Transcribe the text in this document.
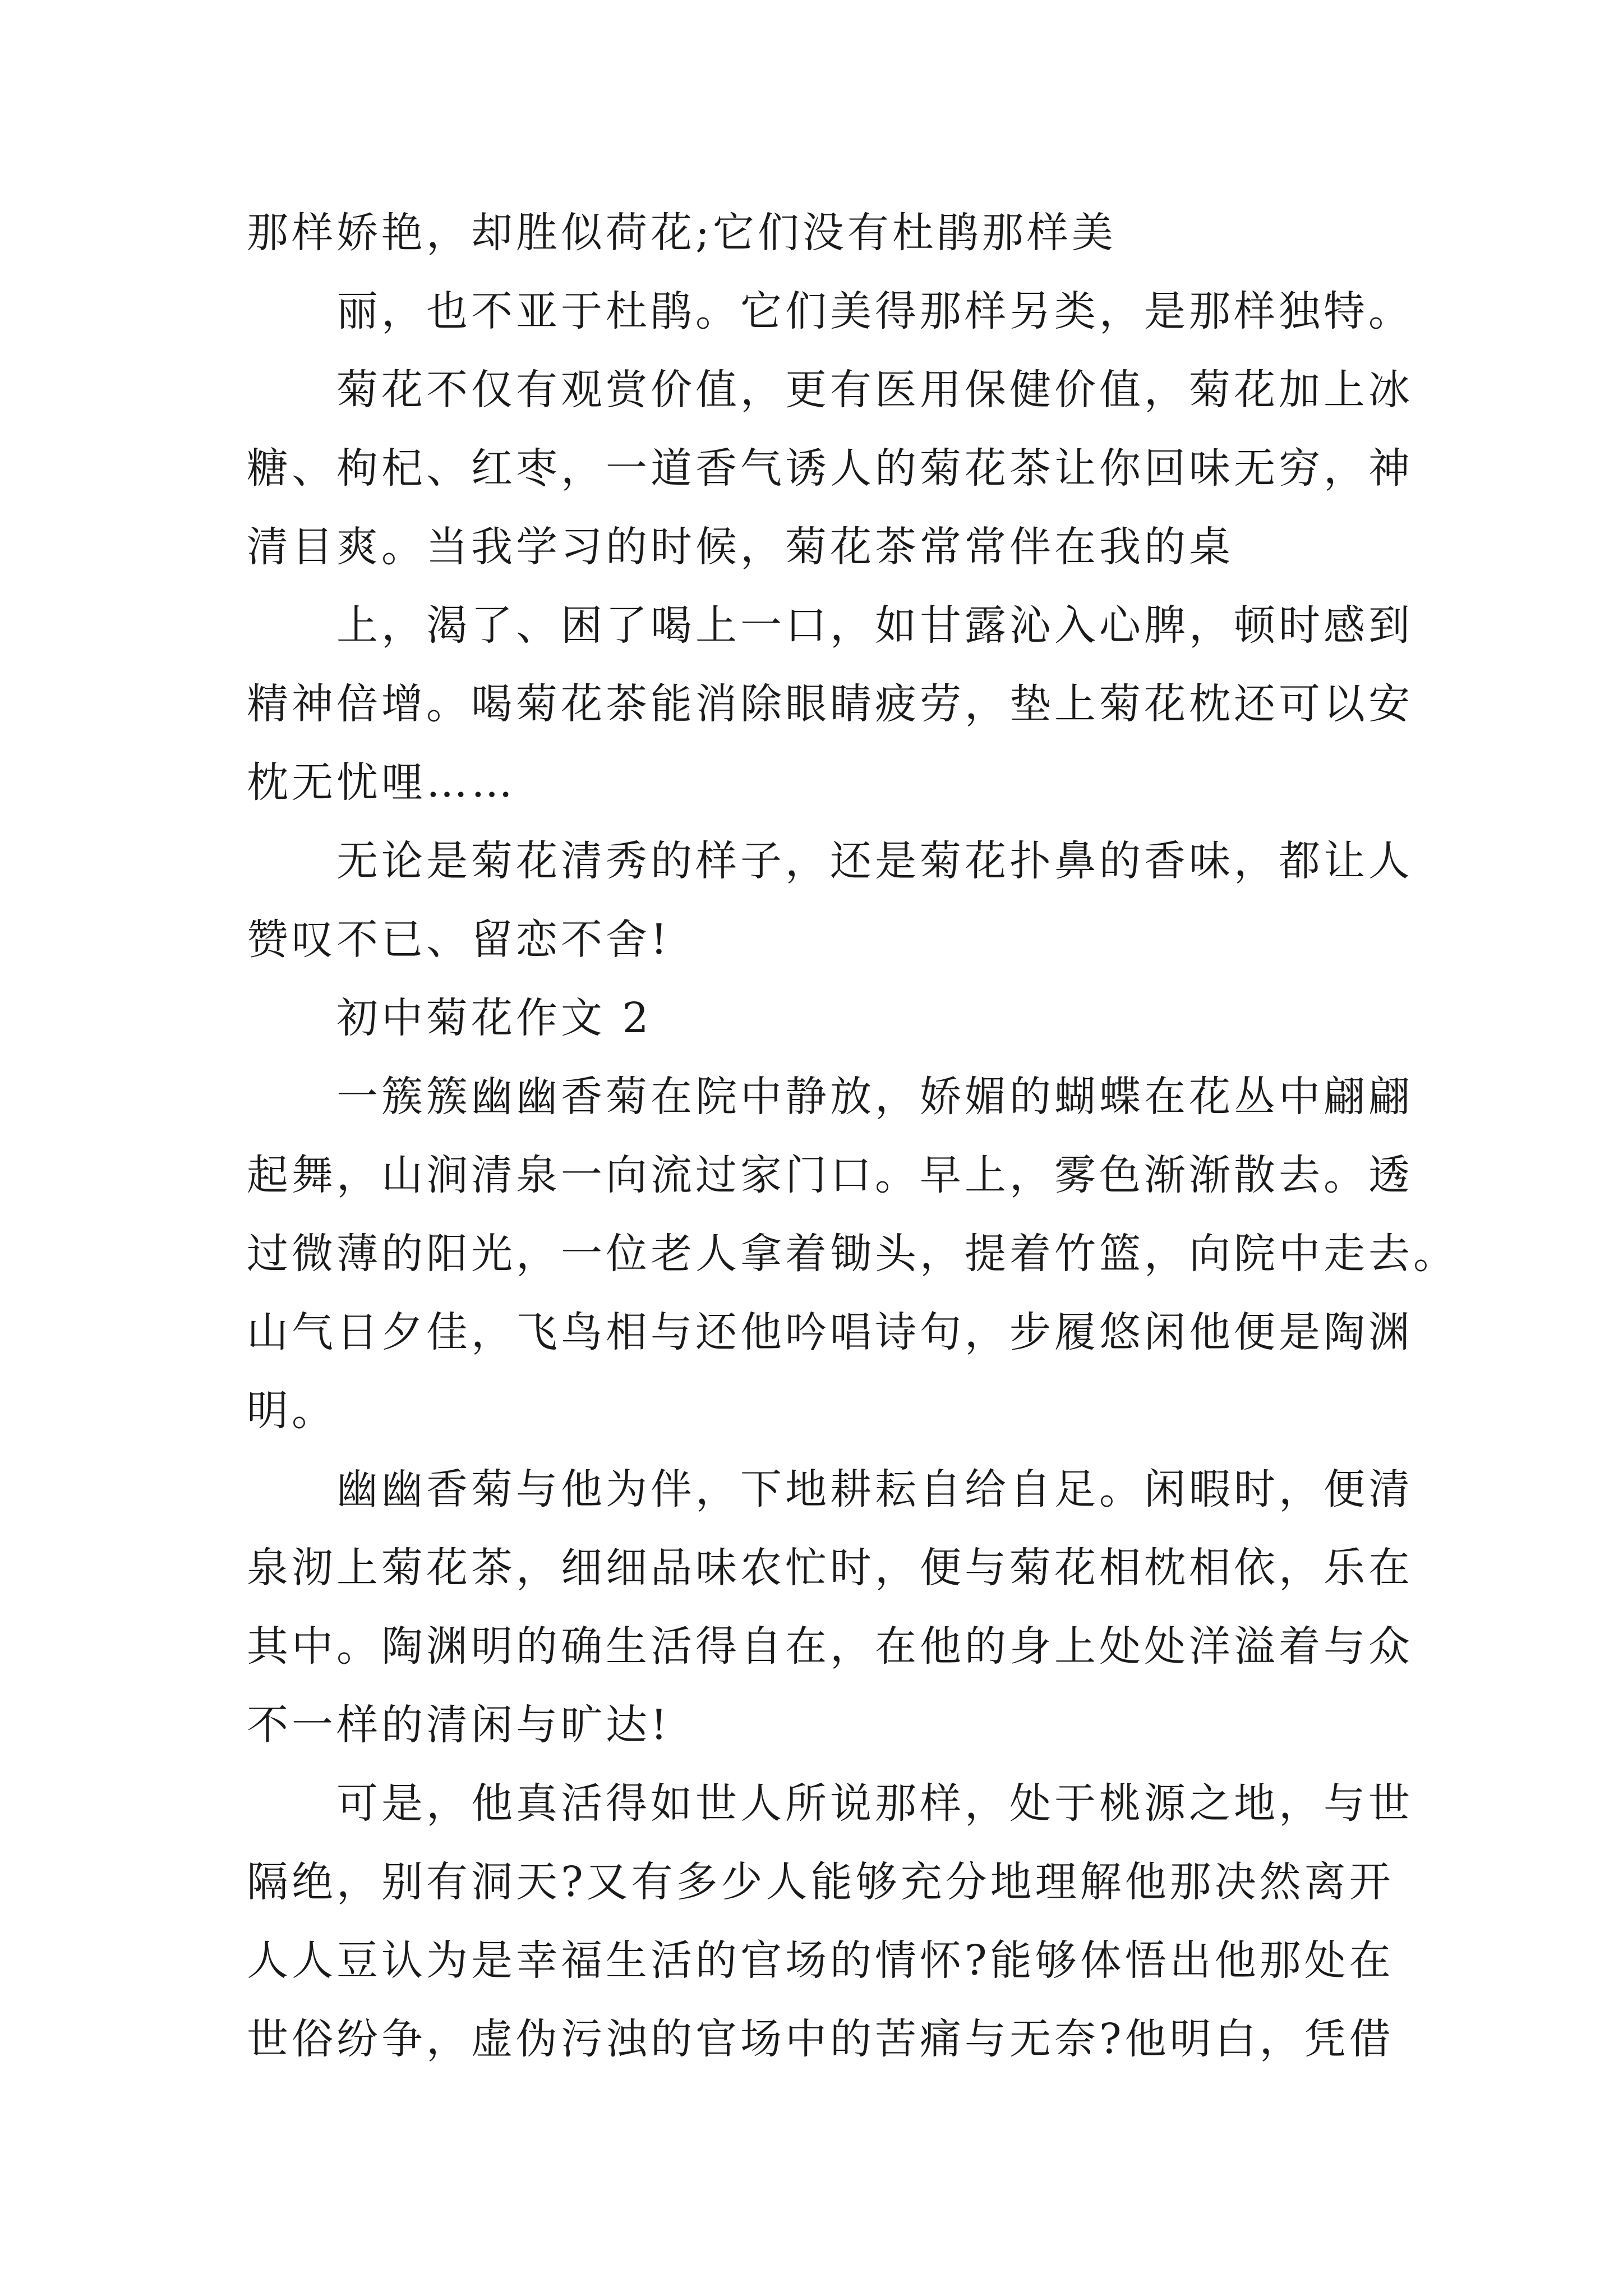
那样娇艳，却胜似荷花;它们没有杜鹃那样美
丽，也不亚于杜鹃。它们美得那样另类，是那样独特。
菊花不仅有观赏价值，更有医用保健价值，菊花加上冰
糖、枸杞、红枣，一道香气诱人的菊花茶让你回味无穷，神
清目爽。当我学习的时候，菊花茶常常伴在我的桌
上，渴了、困了喝上一口，如甘露沁入心脾，顿时感到
精神倍增。喝菊花茶能消除眼睛疲劳，垫上菊花枕还可以安
枕无忧哩……
无论是菊花清秀的样子，还是菊花扑鼻的香味，都让人
赞叹不已、留恋不舍!
初中菊花作文 2
一簇簇幽幽香菊在院中静放，娇媚的蝴蝶在花丛中翩翩
起舞，山涧清泉一向流过家门口。早上，雾色渐渐散去。透
过微薄的阳光，一位老人拿着锄头，提着竹篮，向院中走去。
山气日夕佳，飞鸟相与还他吟唱诗句，步履悠闲他便是陶渊
明。
幽幽香菊与他为伴，下地耕耘自给自足。闲暇时，便清
泉沏上菊花茶，细细品味农忙时，便与菊花相枕相依，乐在
其中。陶渊明的确生活得自在，在他的身上处处洋溢着与众
不一样的清闲与旷达!
可是，他真活得如世人所说那样，处于桃源之地，与世
隔绝，别有洞天?又有多少人能够充分地理解他那决然离开
人人豆认为是幸福生活的官场的情怀?能够体悟出他那处在
世俗纷争，虚伪污浊的官场中的苦痛与无奈?他明白，凭借
